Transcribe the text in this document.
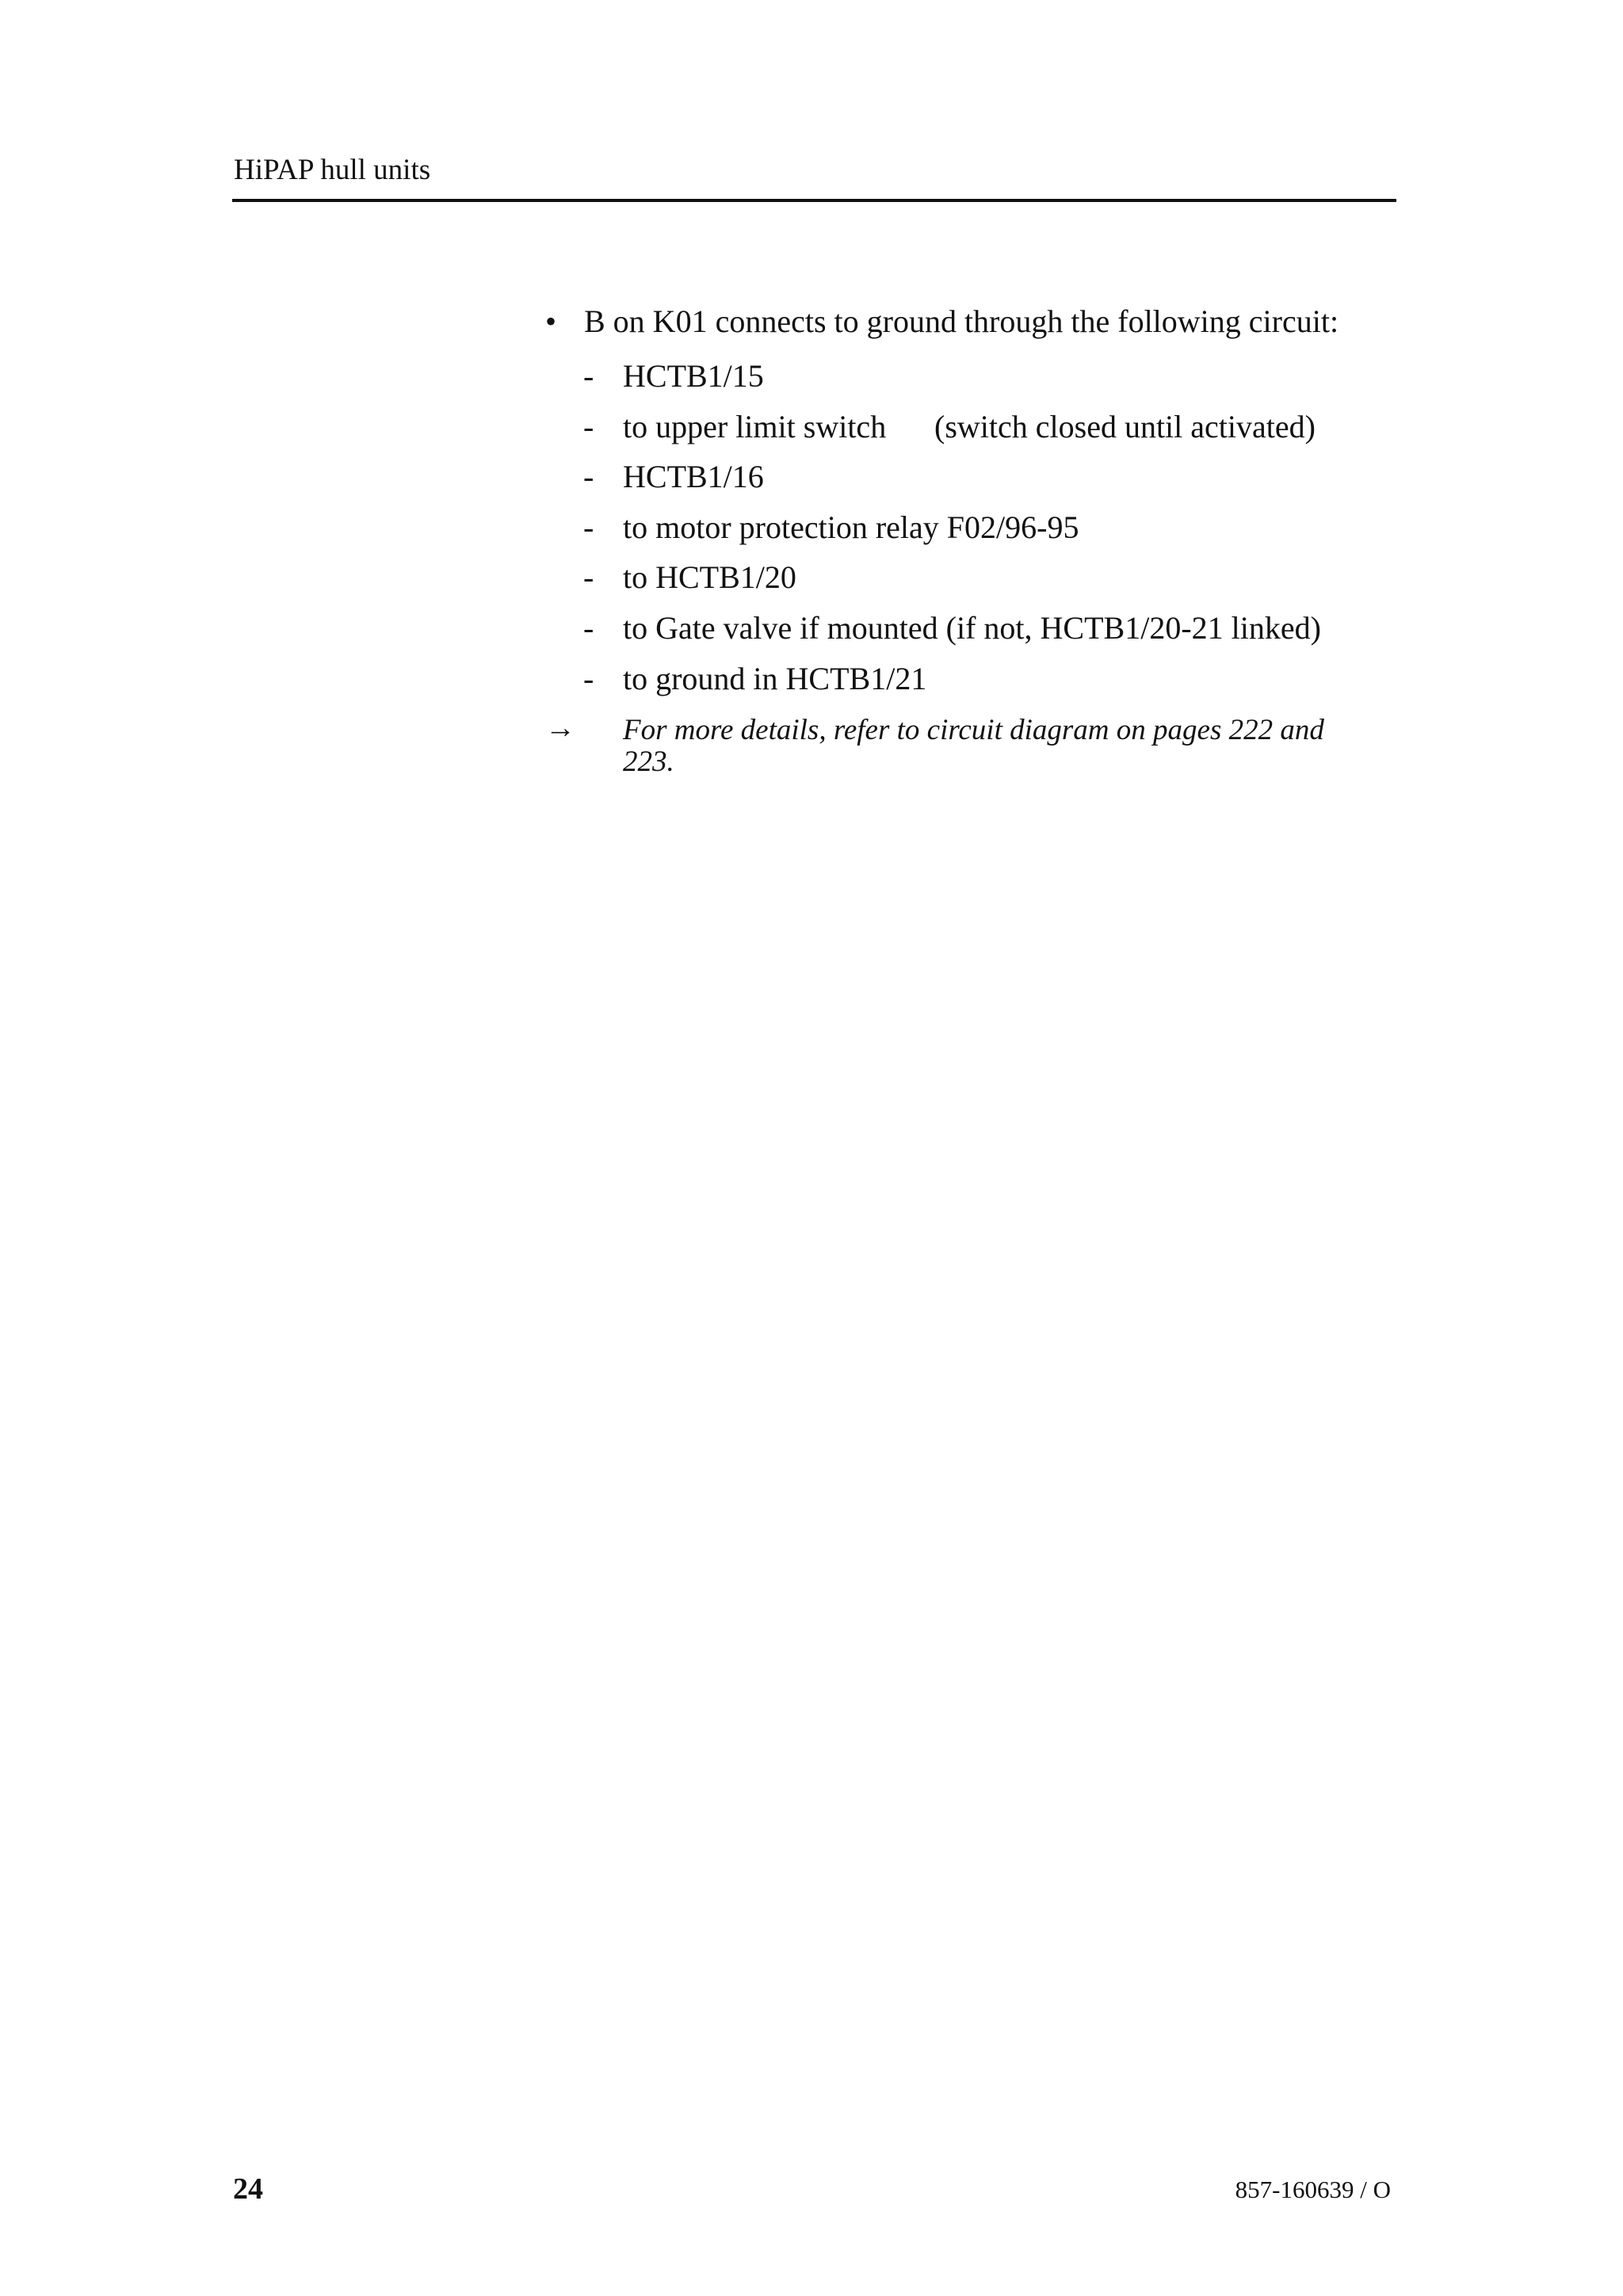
HiPAP hull units
• B on K01 connects to ground through the following circuit:
- HCTB1/15
- to upper limit switch (switch closed until activated)
- HCTB1/16
- to motor protection relay F02/96-95
- to HCTB1/20
- to Gate valve if mounted (if not, HCTB1/20-21 linked)
- to ground in HCTB1/21
→ For more details, refer to circuit diagram on pages 222 and 223.
24	857-160639 / O
